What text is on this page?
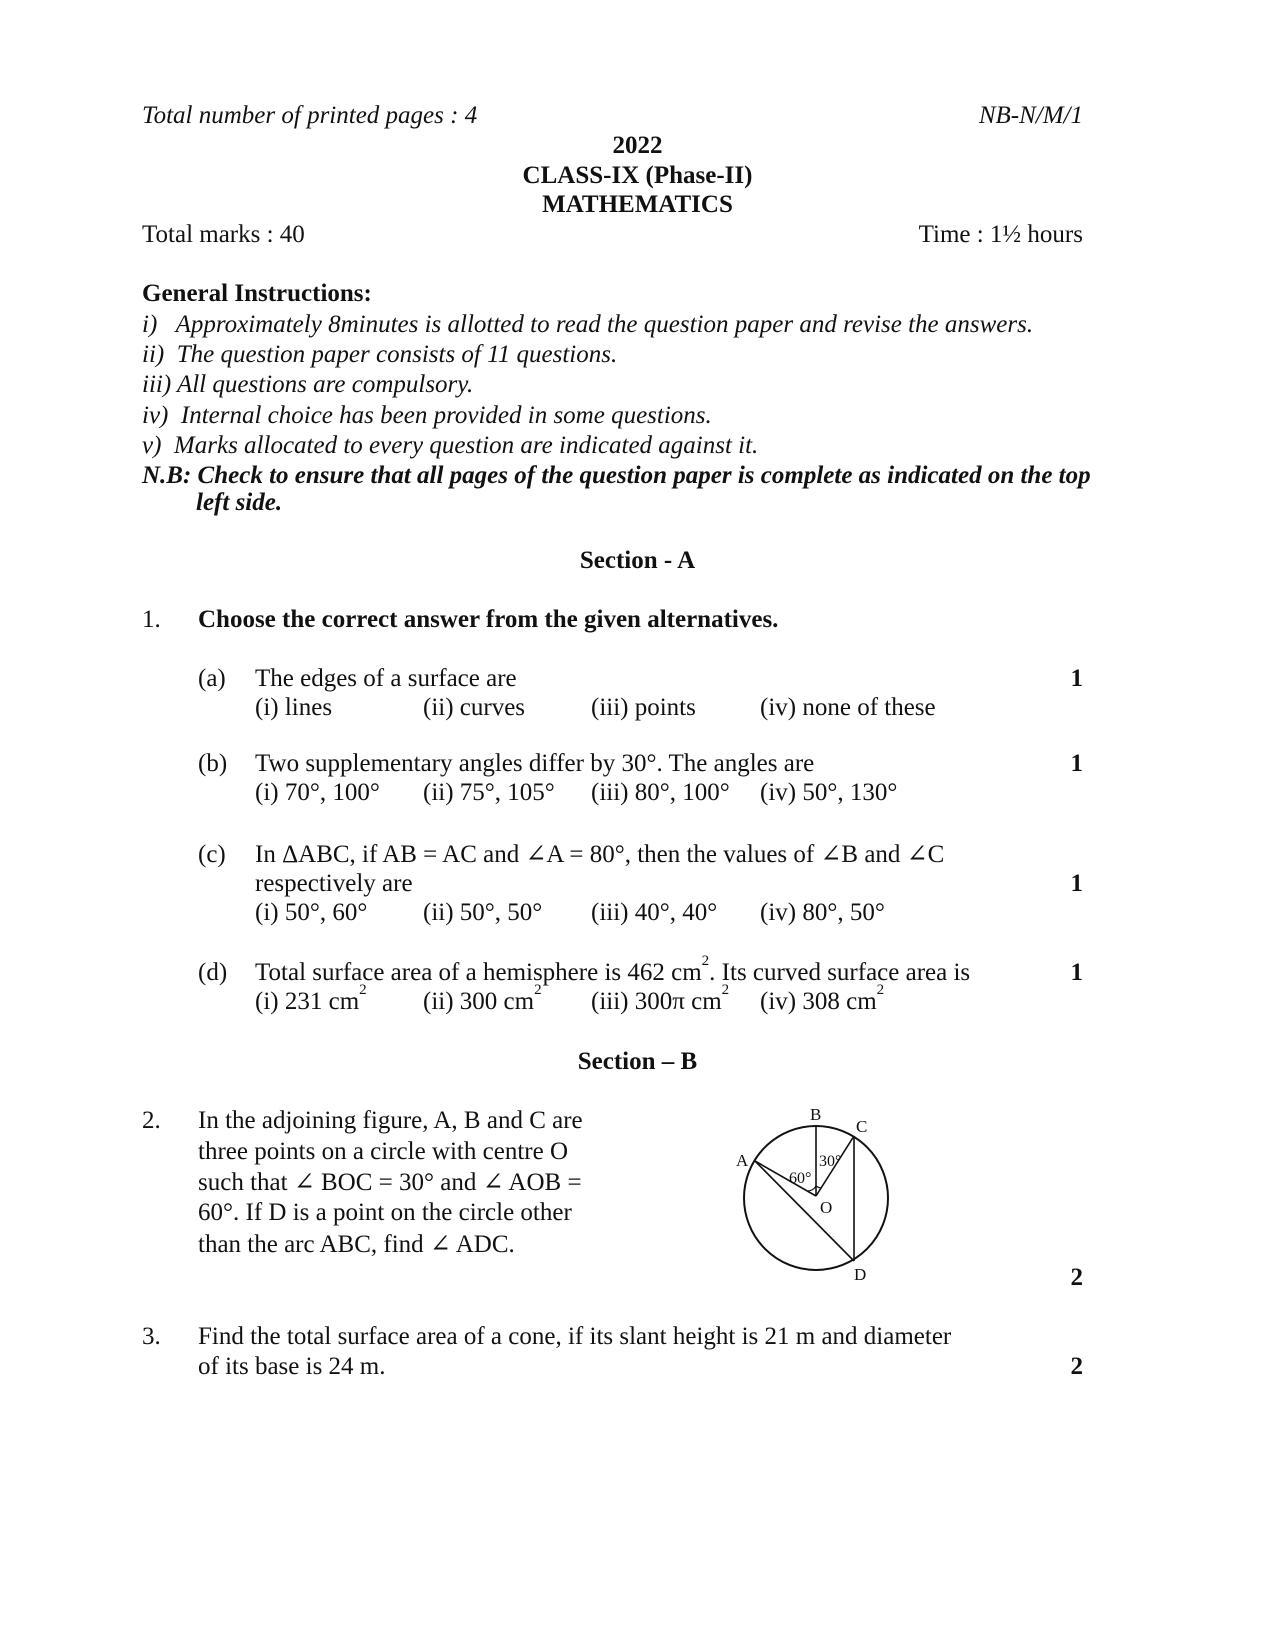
Total number of printed pages : 4	NB-N/M/1
2022
CLASS-IX (Phase-II)
MATHEMATICS
Total marks : 40	Time : 1½ hours
General Instructions:
i)   Approximately 8minutes is allotted to read the question paper and revise the answers.
ii)  The question paper consists of 11 questions.
iii) All questions are compulsory.
iv)  Internal choice has been provided in some questions.
v)  Marks allocated to every question are indicated against it.
N.B: Check to ensure that all pages of the question paper is complete as indicated on the top
left side.
Section - A
1. Choose the correct answer from the given alternatives.
(a) The edges of a surface are	1
(i) lines	(ii) curves	(iii) points	(iv) none of these
(b) Two supplementary angles differ by 30°. The angles are	1
(i) 70°, 100° (ii) 75°, 105° (iii) 80°, 100° (iv) 50°, 130°
(c) In ΔABC, if AB = AC and ∠A = 80°, then the values of ∠B and ∠C
respectively are	1
(i) 50°, 60° (ii) 50°, 50° (iii) 40°, 40° (iv) 80°, 50°
(d) Total surface area of a hemisphere is 462 $cm^2$. Its curved surface area is	1
(i) 231 $cm^2$ (ii) 300 $cm^2$ (iii) 300π $cm^2$ (iv) 308 $cm^2$
Section – B
2. In the adjoining figure, A, B and C are
three points on a circle with centre O
such that ∠ BOC = 30° and ∠ AOB =
60°. If D is a point on the circle other
than the arc ABC, find ∠ ADC.
2
B
C
A
O
D
60°
30°
3. Find the total surface area of a cone, if its slant height is 21 m and diameter
of its base is 24 m.	2
